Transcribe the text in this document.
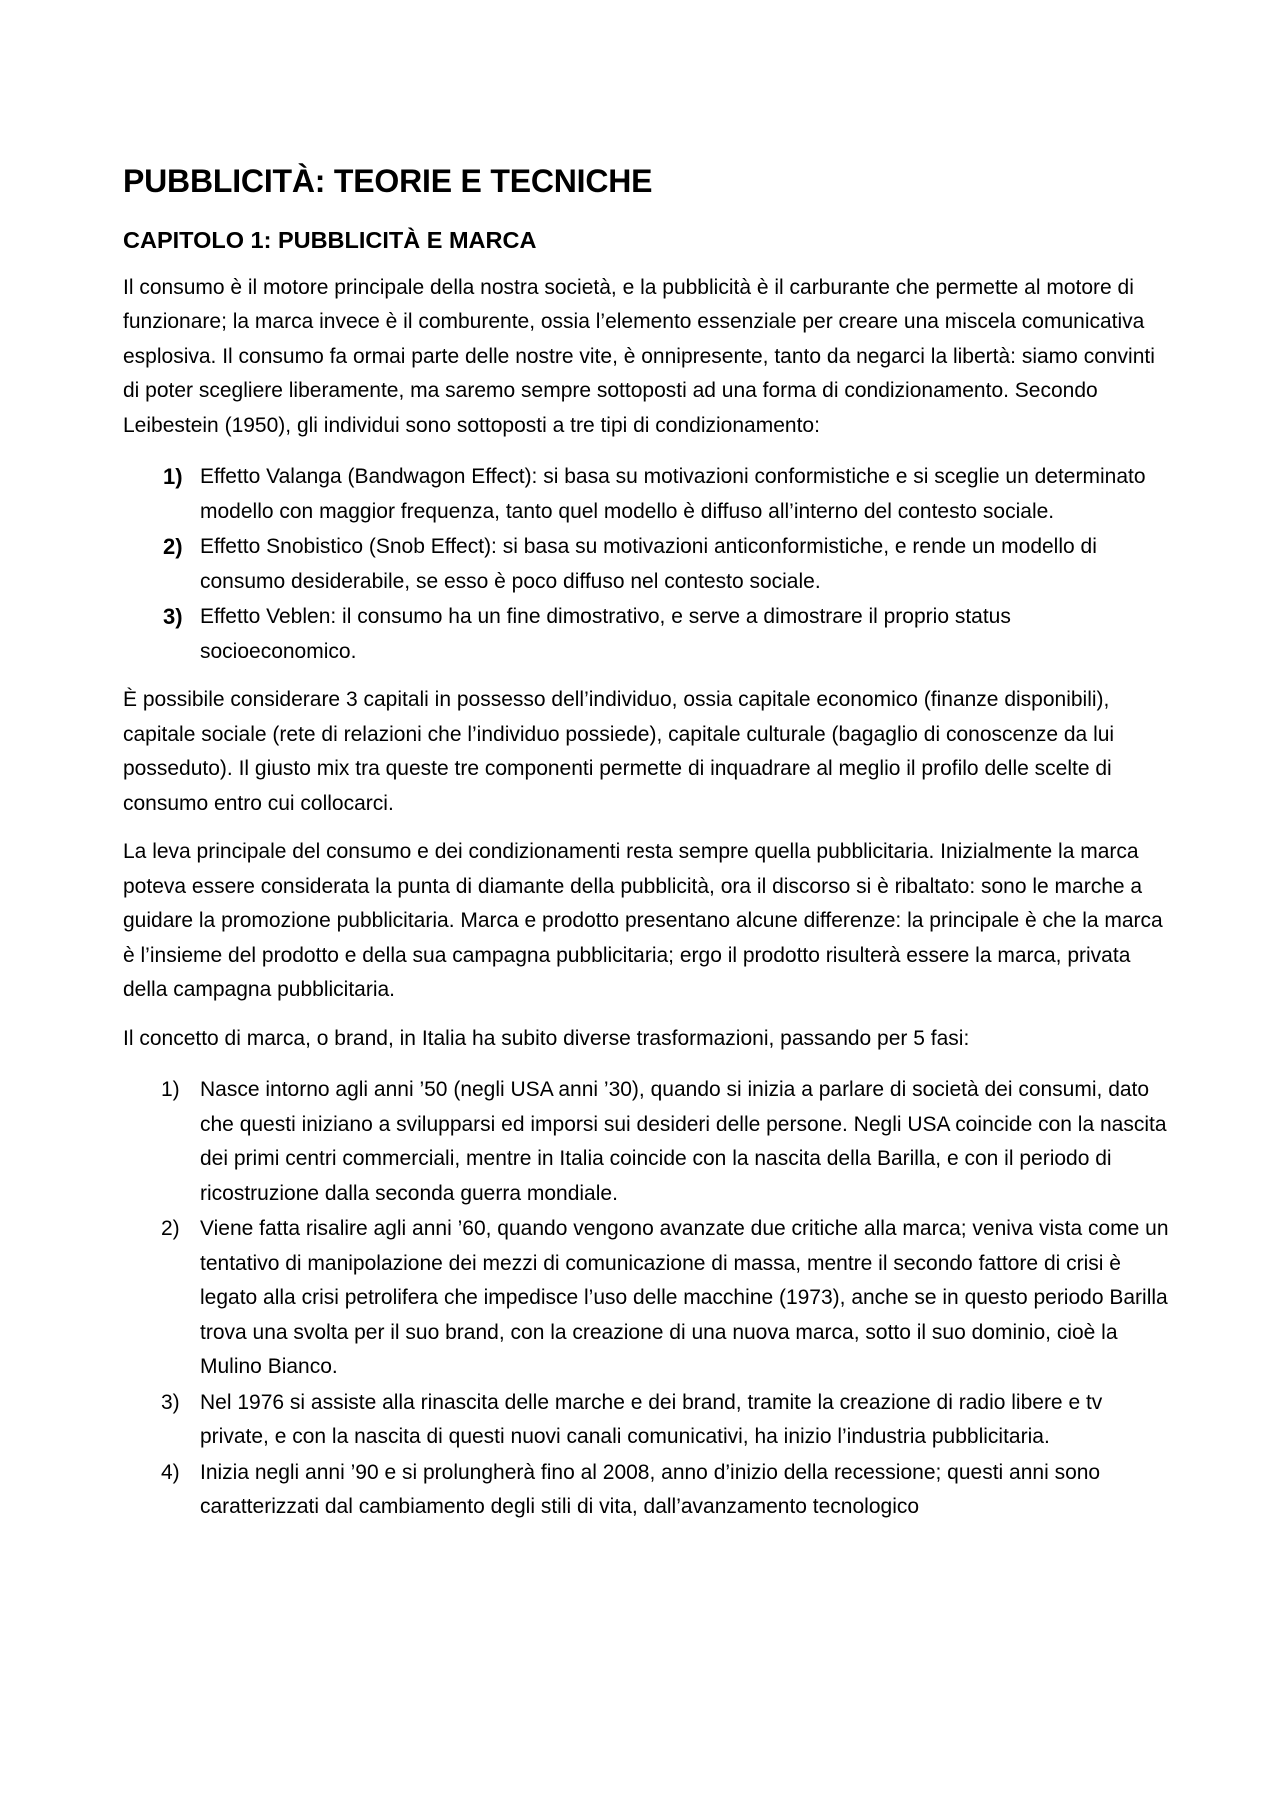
PUBBLICITÀ: TEORIE E TECNICHE
CAPITOLO 1: PUBBLICITÀ E MARCA

Il consumo è il motore principale della nostra società, e la pubblicità è il carburante che permette al motore di funzionare; la marca invece è il comburente, ossia l’elemento essenziale per creare una miscela comunicativa esplosiva. Il consumo fa ormai parte delle nostre vite, è onnipresente, tanto da negarci la libertà: siamo convinti di poter scegliere liberamente, ma saremo sempre sottoposti ad una forma di condizionamento. Secondo Leibestein (1950), gli individui sono sottoposti a tre tipi di condizionamento:

1) Effetto Valanga (Bandwagon Effect): si basa su motivazioni conformistiche e si sceglie un determinato modello con maggior frequenza, tanto quel modello è diffuso all’interno del contesto sociale.
2) Effetto Snobistico (Snob Effect): si basa su motivazioni anticonformistiche, e rende un modello di consumo desiderabile, se esso è poco diffuso nel contesto sociale.
3) Effetto Veblen: il consumo ha un fine dimostrativo, e serve a dimostrare il proprio status socioeconomico.

È possibile considerare 3 capitali in possesso dell’individuo, ossia capitale economico (finanze disponibili), capitale sociale (rete di relazioni che l’individuo possiede), capitale culturale (bagaglio di conoscenze da lui posseduto). Il giusto mix tra queste tre componenti permette di inquadrare al meglio il profilo delle scelte di consumo entro cui collocarci.

La leva principale del consumo e dei condizionamenti resta sempre quella pubblicitaria. Inizialmente la marca poteva essere considerata la punta di diamante della pubblicità, ora il discorso si è ribaltato: sono le marche a guidare la promozione pubblicitaria. Marca e prodotto presentano alcune differenze: la principale è che la marca è l’insieme del prodotto e della sua campagna pubblicitaria; ergo il prodotto risulterà essere la marca, privata della campagna pubblicitaria.

Il concetto di marca, o brand, in Italia ha subito diverse trasformazioni, passando per 5 fasi:

1) Nasce intorno agli anni ’50 (negli USA anni ’30), quando si inizia a parlare di società dei consumi, dato che questi iniziano a svilupparsi ed imporsi sui desideri delle persone. Negli USA coincide con la nascita dei primi centri commerciali, mentre in Italia coincide con la nascita della Barilla, e con il periodo di ricostruzione dalla seconda guerra mondiale.
2) Viene fatta risalire agli anni ’60, quando vengono avanzate due critiche alla marca; veniva vista come un tentativo di manipolazione dei mezzi di comunicazione di massa, mentre il secondo fattore di crisi è legato alla crisi petrolifera che impedisce l’uso delle macchine (1973), anche se in questo periodo Barilla trova una svolta per il suo brand, con la creazione di una nuova marca, sotto il suo dominio, cioè la Mulino Bianco.
3) Nel 1976 si assiste alla rinascita delle marche e dei brand, tramite la creazione di radio libere e tv private, e con la nascita di questi nuovi canali comunicativi, ha inizio l’industria pubblicitaria.
4) Inizia negli anni ’90 e si prolungherà fino al 2008, anno d’inizio della recessione; questi anni sono caratterizzati dal cambiamento degli stili di vita, dall’avanzamento tecnologico
